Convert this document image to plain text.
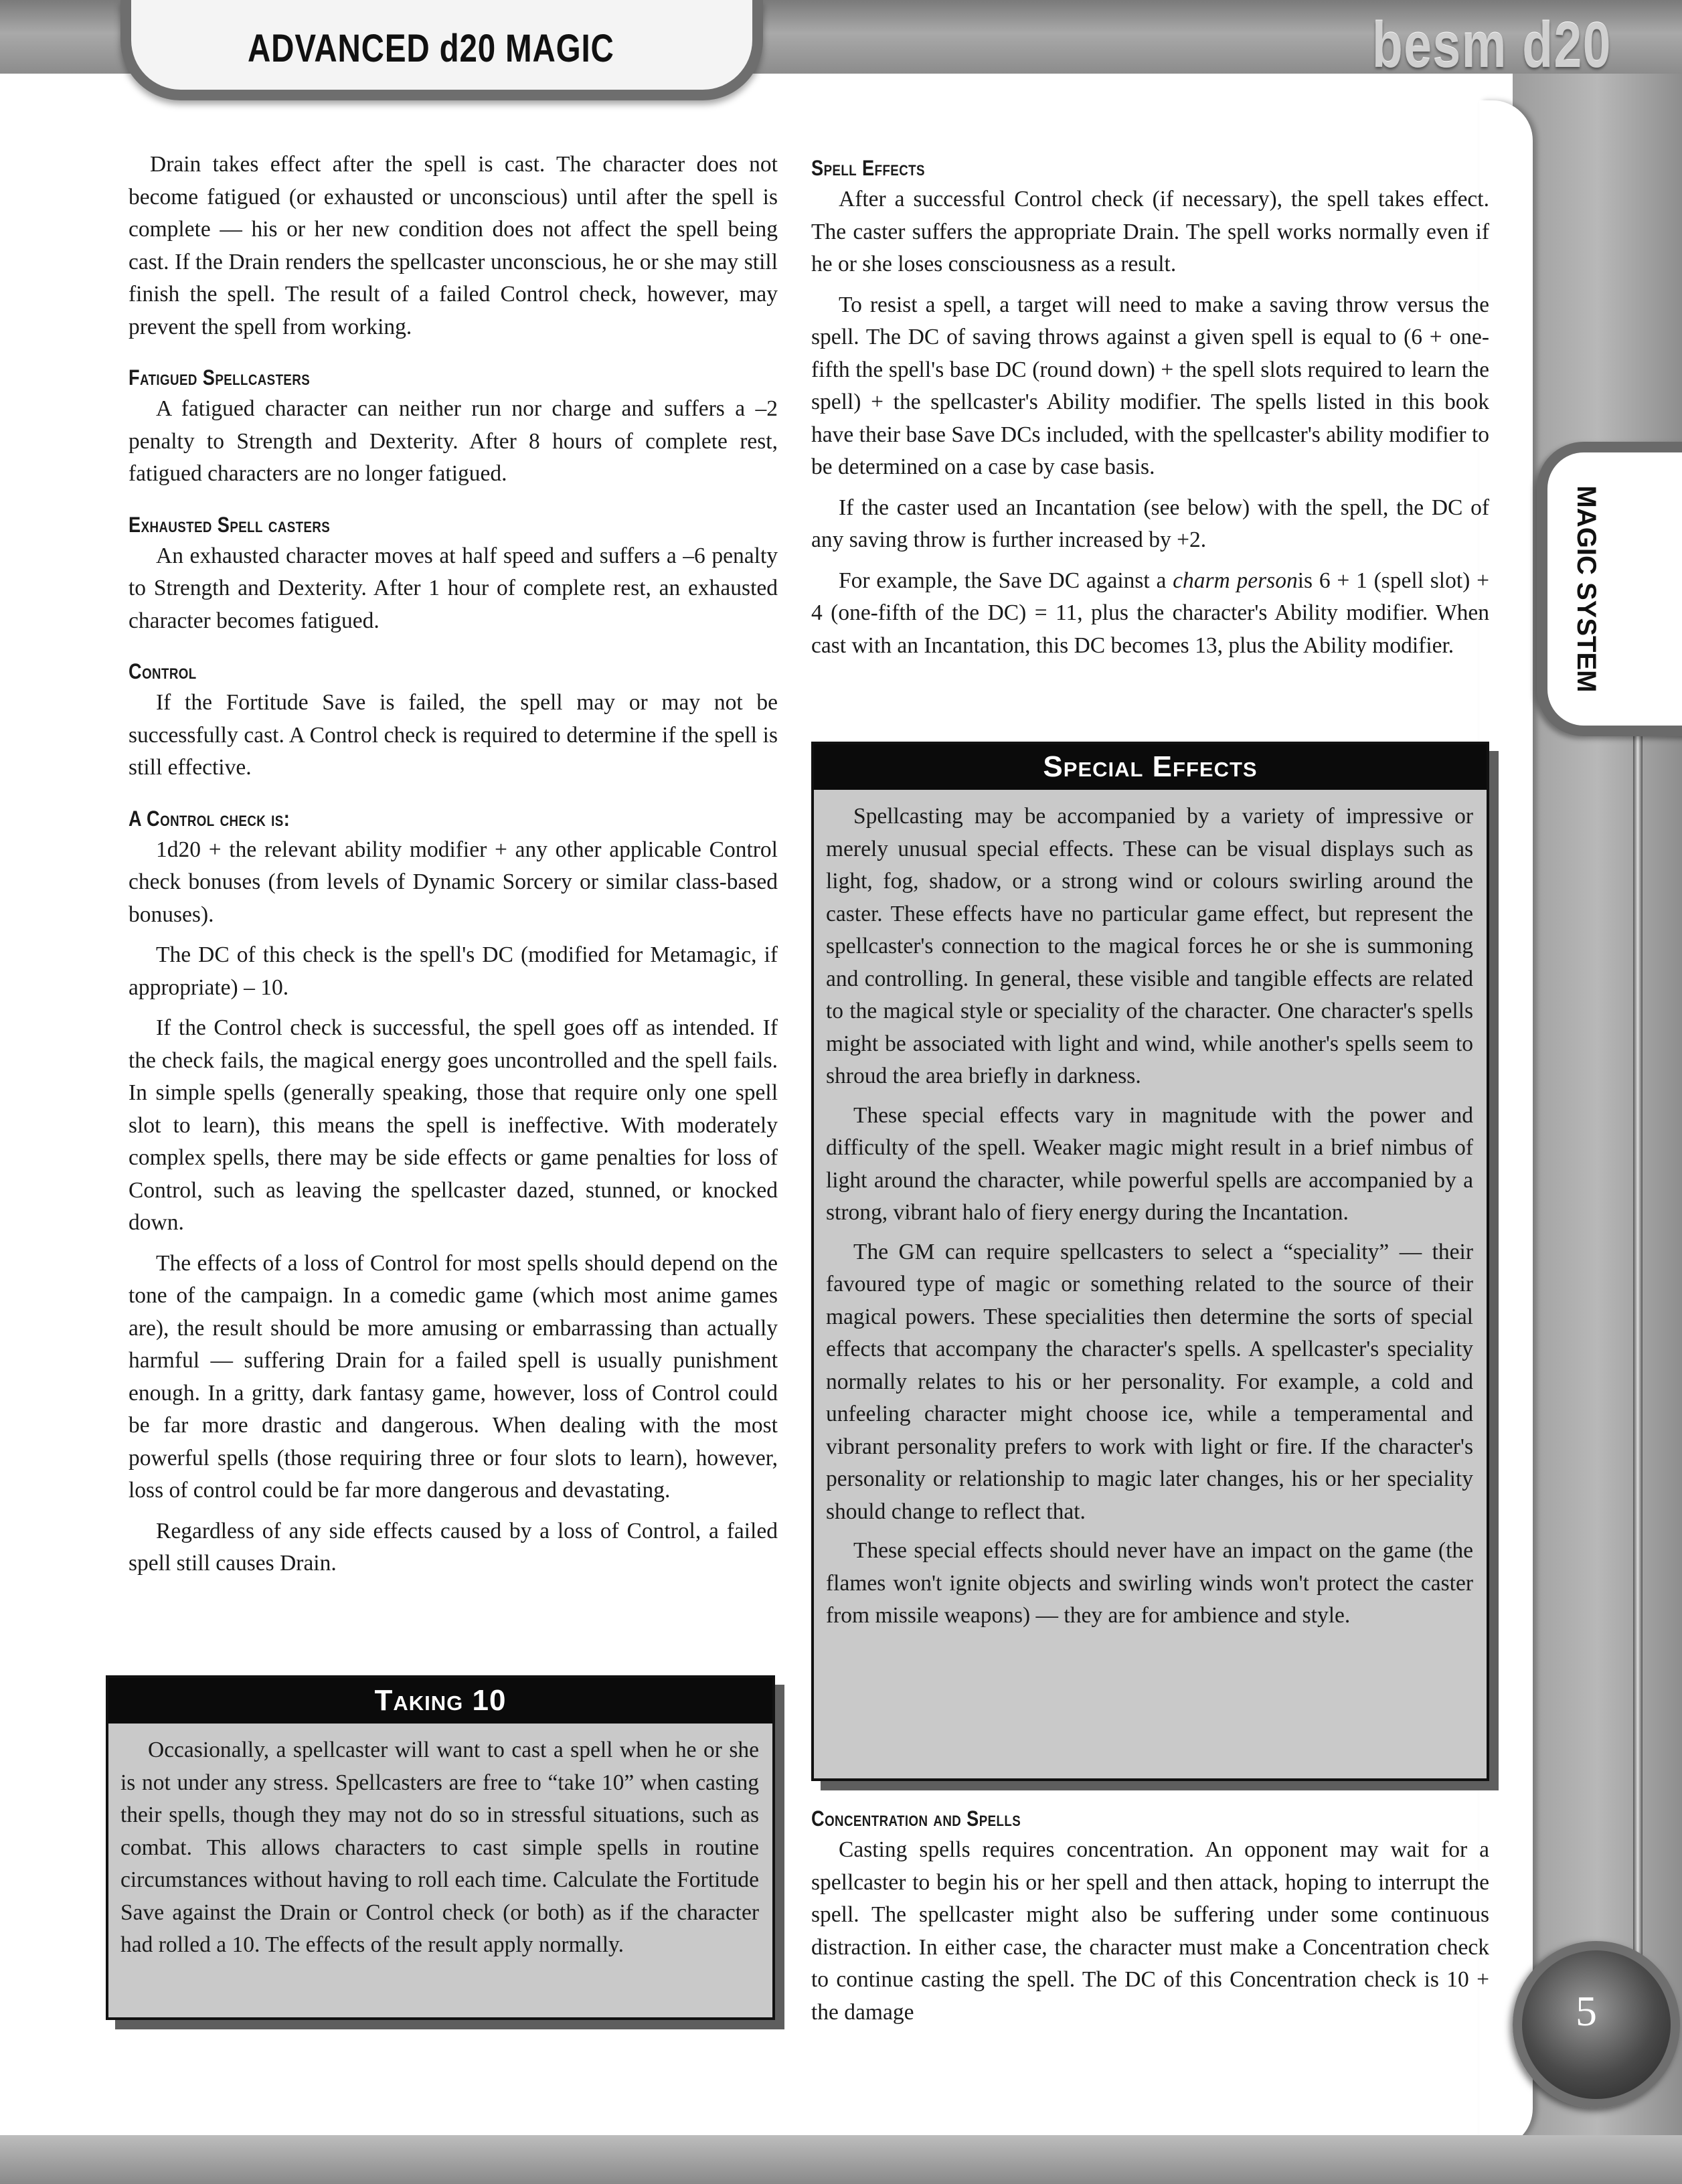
ADVANCED d20 MAGIC	besm d20
MAGIC SYSTEM
5

Drain takes effect after the spell is cast. The character does not become fatigued (or exhausted or unconscious) until after the spell is complete — his or her new condition does not affect the spell being cast. If the Drain renders the spellcaster unconscious, he or she may still finish the spell. The result of a failed Control check, however, may prevent the spell from working.

Fatigued Spellcasters

A fatigued character can neither run nor charge and suffers a –2 penalty to Strength and Dexterity. After 8 hours of complete rest, fatigued characters are no longer fatigued.

Exhausted Spell casters

An exhausted character moves at half speed and suffers a –6 penalty to Strength and Dexterity. After 1 hour of complete rest, an exhausted character becomes fatigued.

Control

If the Fortitude Save is failed, the spell may or may not be successfully cast. A Control check is required to determine if the spell is still effective.

A Control check is:

1d20 + the relevant ability modifier + any other applicable Control check bonuses (from levels of Dynamic Sorcery or similar class-based bonuses).

The DC of this check is the spell's DC (modified for Metamagic, if appropriate) – 10.

If the Control check is successful, the spell goes off as intended. If the check fails, the magical energy goes uncontrolled and the spell fails. In simple spells (generally speaking, those that require only one spell slot to learn), this means the spell is ineffective. With moderately complex spells, there may be side effects or game penalties for loss of Control, such as leaving the spellcaster dazed, stunned, or knocked down.

The effects of a loss of Control for most spells should depend on the tone of the campaign. In a comedic game (which most anime games are), the result should be more amusing or embarrassing than actually harmful — suffering Drain for a failed spell is usually punishment enough. In a gritty, dark fantasy game, however, loss of Control could be far more drastic and dangerous. When dealing with the most powerful spells (those requiring three or four slots to learn), however, loss of control could be far more dangerous and devastating.

Regardless of any side effects caused by a loss of Control, a failed spell still causes Drain.

Taking 10

Occasionally, a spellcaster will want to cast a spell when he or she is not under any stress. Spellcasters are free to “take 10” when casting their spells, though they may not do so in stressful situations, such as combat. This allows characters to cast simple spells in routine circumstances without having to roll each time. Calculate the Fortitude Save against the Drain or Control check (or both) as if the character had rolled a 10. The effects of the result apply normally.

Spell Effects

After a successful Control check (if necessary), the spell takes effect. The caster suffers the appropriate Drain. The spell works normally even if he or she loses consciousness as a result.

To resist a spell, a target will need to make a saving throw versus the spell. The DC of saving throws against a given spell is equal to (6 + one-fifth the spell's base DC (round down) + the spell slots required to learn the spell) + the spellcaster's Ability modifier. The spells listed in this book have their base Save DCs included, with the spellcaster's ability modifier to be determined on a case by case basis.

If the caster used an Incantation (see below) with the spell, the DC of any saving throw is further increased by +2.

For example, the Save DC against a charm personis 6 + 1 (spell slot) + 4 (one-fifth of the DC) = 11, plus the character's Ability modifier. When cast with an Incantation, this DC becomes 13, plus the Ability modifier.

Special Effects

Spellcasting may be accompanied by a variety of impressive or merely unusual special effects. These can be visual displays such as light, fog, shadow, or a strong wind or colours swirling around the caster. These effects have no particular game effect, but represent the spellcaster's connection to the magical forces he or she is summoning and controlling. In general, these visible and tangible effects are related to the magical style or speciality of the character. One character's spells might be associated with light and wind, while another's spells seem to shroud the area briefly in darkness.

These special effects vary in magnitude with the power and difficulty of the spell. Weaker magic might result in a brief nimbus of light around the character, while powerful spells are accompanied by a strong, vibrant halo of fiery energy during the Incantation.

The GM can require spellcasters to select a “speciality” — their favoured type of magic or something related to the source of their magical powers. These specialities then determine the sorts of special effects that accompany the character's spells. A spellcaster's speciality normally relates to his or her personality. For example, a cold and unfeeling character might choose ice, while a temperamental and vibrant personality prefers to work with light or fire. If the character's personality or relationship to magic later changes, his or her speciality should change to reflect that.

These special effects should never have an impact on the game (the flames won't ignite objects and swirling winds won't protect the caster from missile weapons) — they are for ambience and style.

Concentration and Spells

Casting spells requires concentration. An opponent may wait for a spellcaster to begin his or her spell and then attack, hoping to interrupt the spell. The spellcaster might also be suffering under some continuous distraction. In either case, the character must make a Concentration check to continue casting the spell. The DC of this Concentration check is 10 + the damage
